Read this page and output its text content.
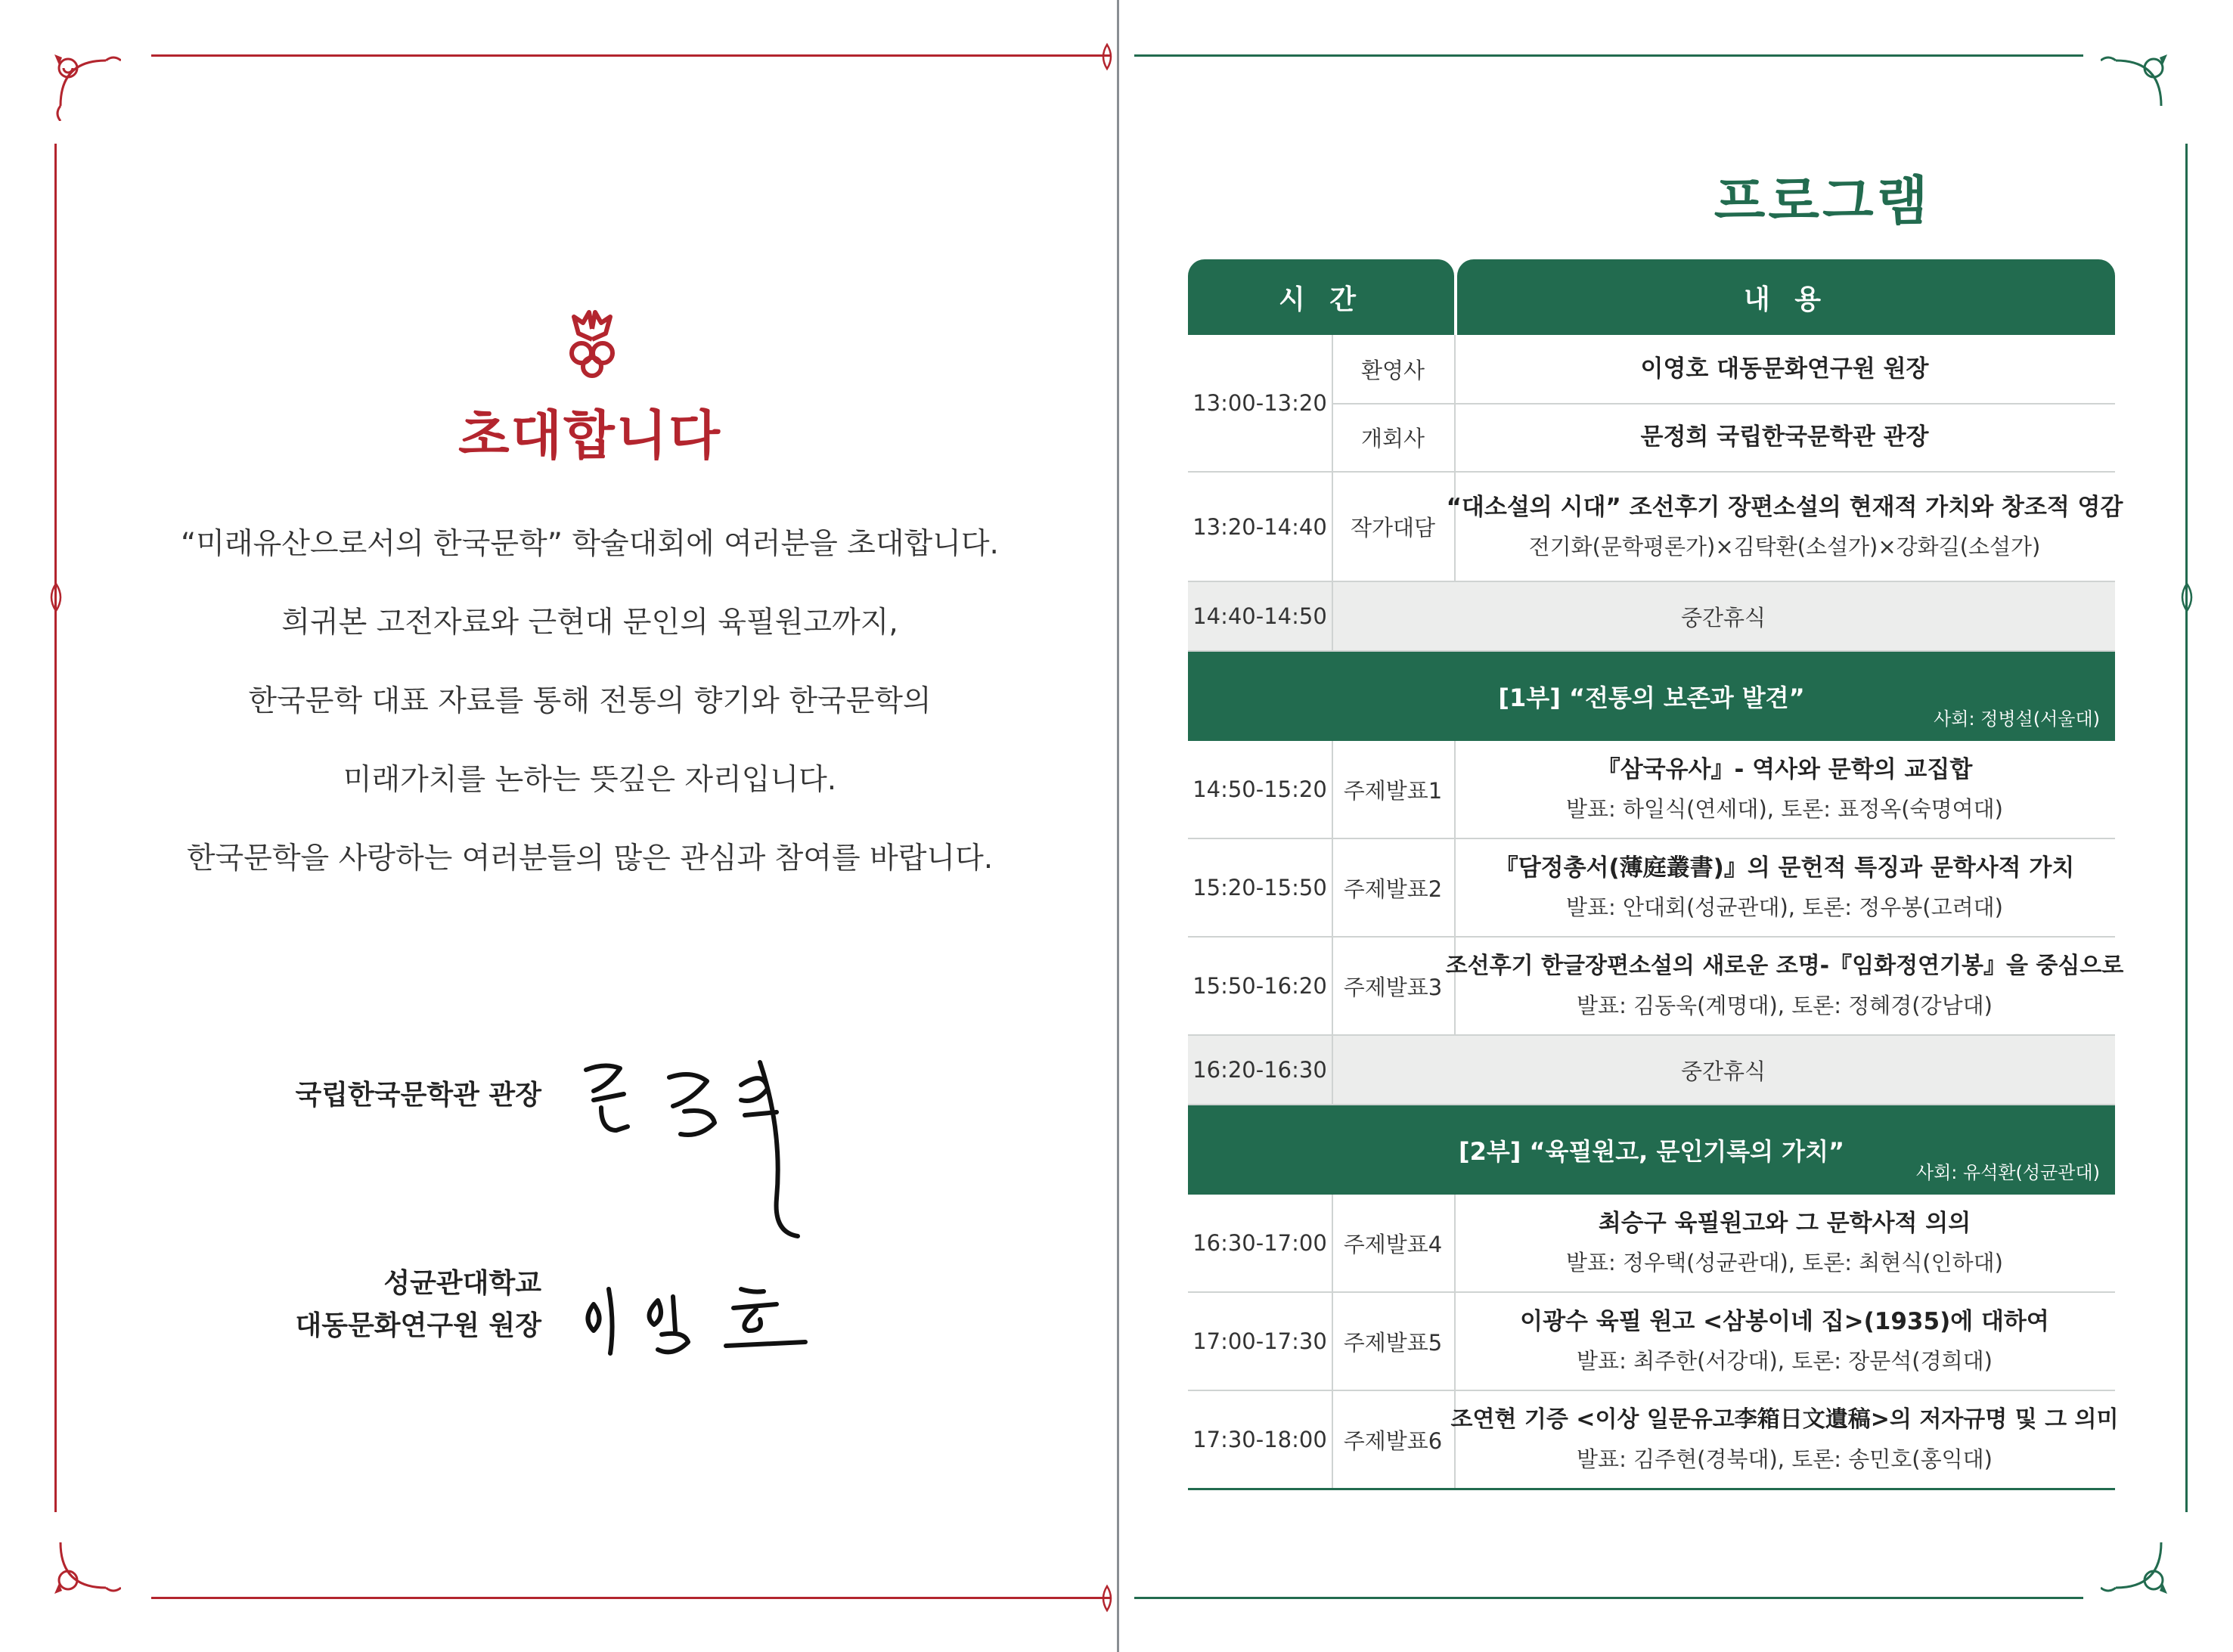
초대합니다
“미래유산으로서의 한국문학” 학술대회에 여러분을 초대합니다.
희귀본 고전자료와 근현대 문인의 육필원고까지,
한국문학 대표 자료를 통해 전통의 향기와 한국문학의
미래가치를 논하는 뜻깊은 자리입니다.
한국문학을 사랑하는 여러분들의 많은 관심과 참여를 바랍니다.
국립한국문학관 관장
성균관대학교
대동문화연구원 원장
프로그램
시 간	내 용
13:00-13:20
환영사	이영호 대동문화연구원 원장
개회사	문정희 국립한국문학관 관장
13:20-14:40	작가대담
“대소설의 시대” 조선후기 장편소설의 현재적 가치와 창조적 영감
전기화(문학평론가)×김탁환(소설가)×강화길(소설가)
14:40-14:50	중간휴식
[1부] “전통의 보존과 발견”
사회: 정병설(서울대)
14:50-15:20 주제발표1
『삼국유사』- 역사와 문학의 교집합
발표: 하일식(연세대), 토론: 표정옥(숙명여대)
15:20-15:50 주제발표2
『담정총서(薄庭叢書)』의 문헌적 특징과 문학사적 가치
발표: 안대회(성균관대), 토론: 정우봉(고려대)
15:50-16:20 주제발표3
조선후기 한글장편소설의 새로운 조명-『임화정연기봉』을 중심으로
발표: 김동욱(계명대), 토론: 정혜경(강남대)
16:20-16:30	중간휴식
[2부] “육필원고, 문인기록의 가치”
사회: 유석환(성균관대)
16:30-17:00 주제발표4
최승구 육필원고와 그 문학사적 의의
발표: 정우택(성균관대), 토론: 최현식(인하대)
17:00-17:30 주제발표5
이광수 육필 원고 <삼봉이네 집>(1935)에 대하여
발표: 최주한(서강대), 토론: 장문석(경희대)
17:30-18:00 주제발표6
조연현 기증 <이상 일문유고李箱日文遺稿>의 저자규명 및 그 의미
발표: 김주현(경북대), 토론: 송민호(홍익대)
